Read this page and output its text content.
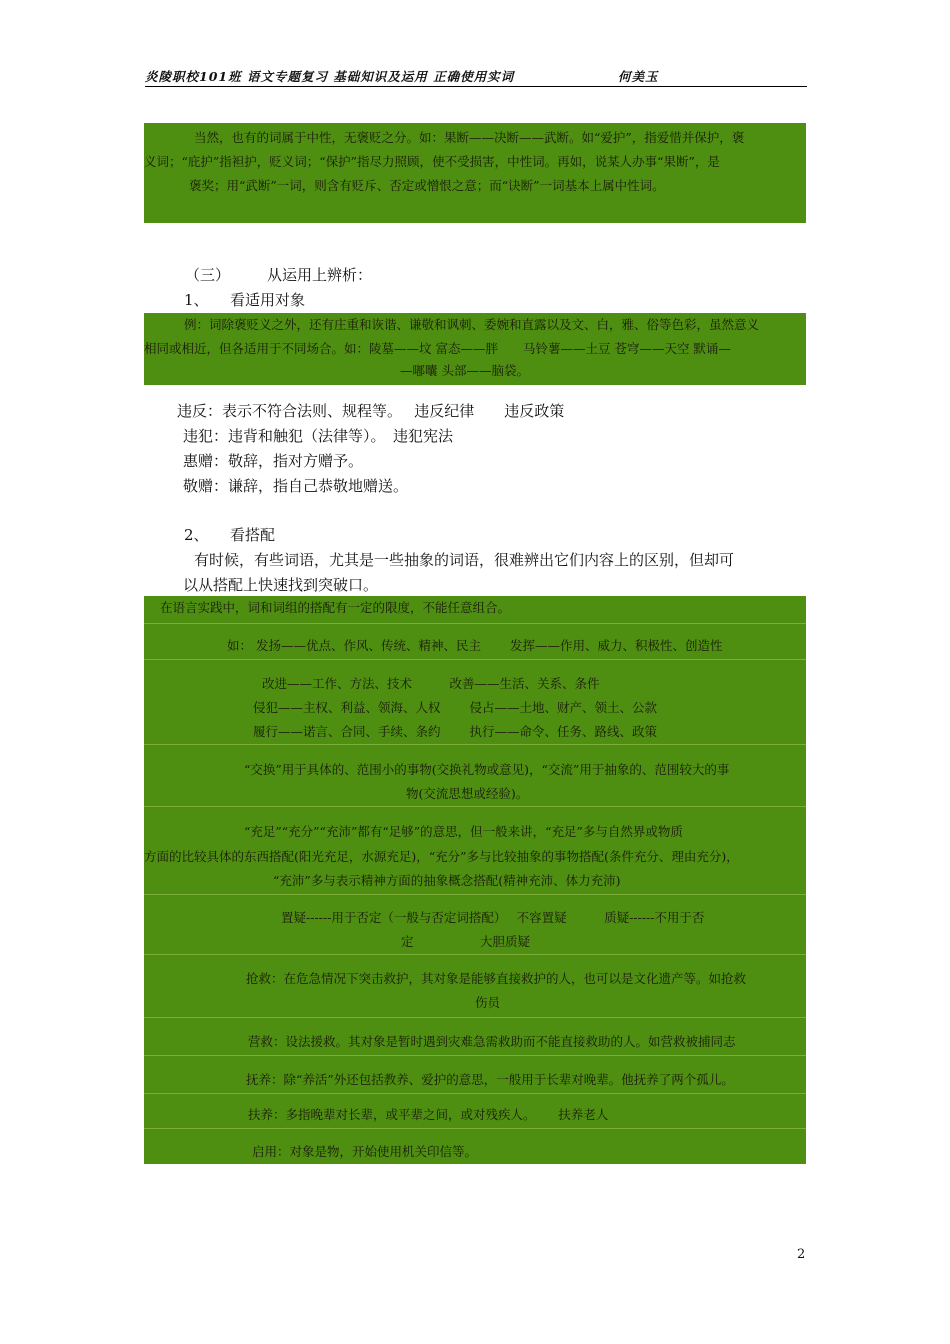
炎陵职校101班 语文专题复习 基础知识及运用 正确使用实词	何美玉

当然，也有的词属于中性，无褒贬之分。如：果断——决断——武断。如“爱护”，指爱惜并保护，褒

义词；“庇护”指袒护，贬义词；“保护”指尽力照顾，使不受损害，中性词。再如，说某人办事“果断”，是

褒奖；用“武断”一词，则含有贬斥、否定或憎恨之意；而“诀断”一词基本上属中性词。

（三） 从运用上辨析：
1、 看适用对象

例：词除褒贬义之外，还有庄重和诙谐、谦敬和讽刺、委婉和直露以及文、白，雅、俗等色彩，虽然意义

相同或相近，但各适用于不同场合。如：陵墓——坟 富态——胖　　马铃薯——土豆 苍穹——天空 默诵—

—嘟囔 头部——脑袋。

违反：表示不符合法则、规程等。　 违反纪律　　违反政策
违犯：违背和触犯（法律等）。　违犯宪法
惠赠：敬辞，指对方赠予。
敬赠：谦辞，指自己恭敬地赠送。
2、 看搭配
有时候，有些词语，尤其是一些抽象的词语，很难辨出它们内容上的区别，但却可
以从搭配上快速找到突破口。

在语言实践中，词和词组的搭配有一定的限度，不能任意组合。

如： 发扬——优点、作风、传统、精神、民主　　 发挥——作用、威力、积极性、创造性

改进——工作、方法、技术　　　改善——生活、关系、条件

侵犯——主权、利益、领海、人权　　 侵占——土地、财产、领土、公款

履行——诺言、合同、手续、条约　　 执行——命令、任务、路线、政策

“交换”用于具体的、范围小的事物(交换礼物或意见)，“交流”用于抽象的、范围较大的事

物(交流思想或经验)。

“充足”“充分”“充沛”都有“足够”的意思，但一般来讲，“充足”多与自然界或物质

方面的比较具体的东西搭配(阳光充足，水源充足)，“充分”多与比较抽象的事物搭配(条件充分、理由充分)，

“充沛”多与表示精神方面的抽象概念搭配(精神充沛、体力充沛)

置疑------用于否定（一般与否定词搭配）　 不容置疑　　　质疑------不用于否

定　　　　　 大胆质疑

抢救：在危急情况下突击救护，其对象是能够直接救护的人，也可以是文化遗产等。如抢救

伤员

营救：设法援救。其对象是暂时遇到灾难急需救助而不能直接救助的人。如营救被捕同志

抚养：除“养活”外还包括教养、爱护的意思，一般用于长辈对晚辈。他抚养了两个孤儿。

扶养：多指晚辈对长辈，或平辈之间，或对残疾人。　　 扶养老人

启用：对象是物，开始使用机关印信等。

2
